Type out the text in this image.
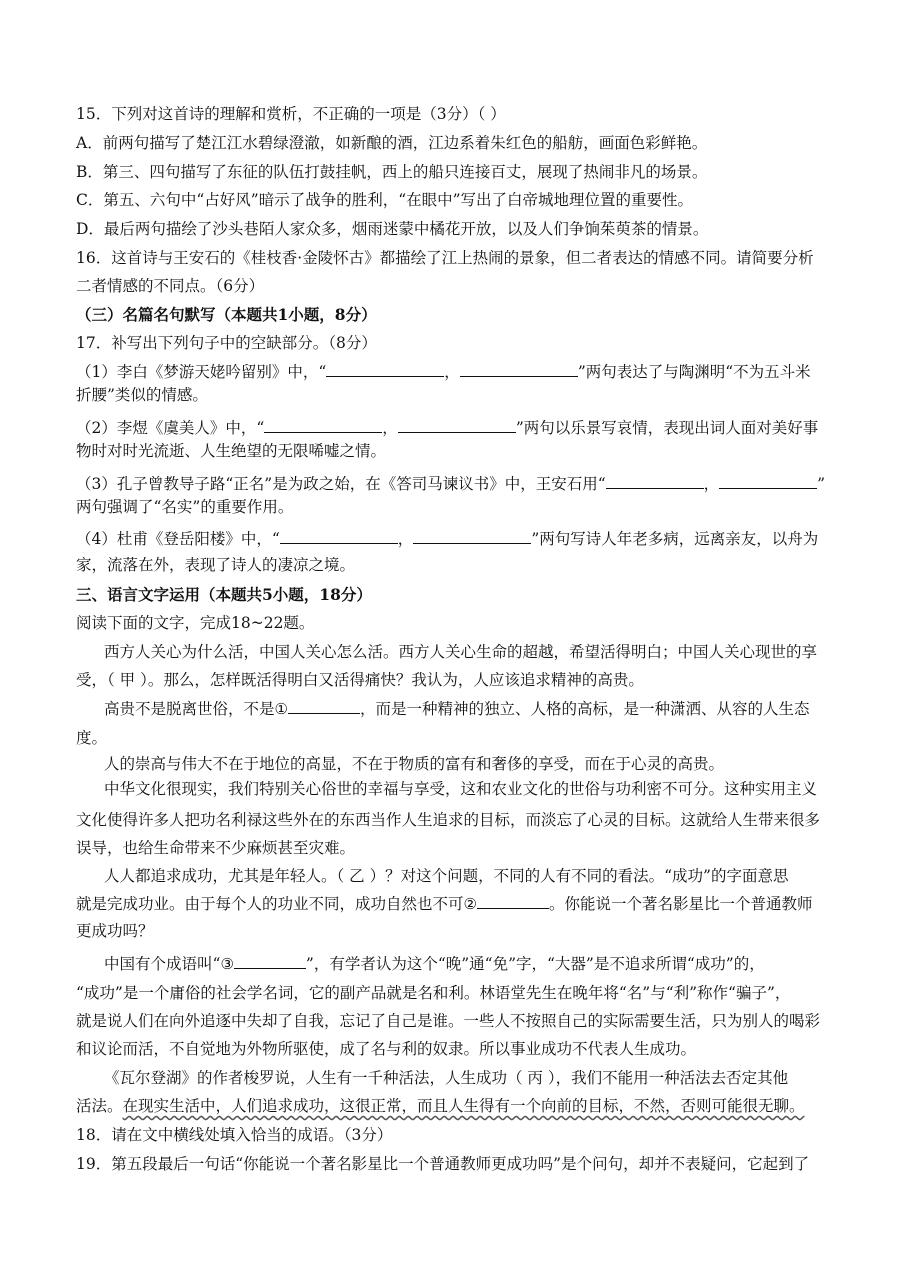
15．下列对这首诗的理解和赏析，不正确的一项是（3分）（ ）
A．前两句描写了楚江江水碧绿澄澈，如新酿的酒，江边系着朱红色的船舫，画面色彩鲜艳。
B．第三、四句描写了东征的队伍打鼓挂帆，西上的船只连接百丈，展现了热闹非凡的场景。
C．第五、六句中“占好风”暗示了战争的胜利，“在眼中”写出了白帝城地理位置的重要性。
D．最后两句描绘了沙头巷陌人家众多，烟雨迷蒙中橘花开放，以及人们争饷茱萸茶的情景。
16．这首诗与王安石的《桂枝香·金陵怀古》都描绘了江上热闹的景象，但二者表达的情感不同。请简要分析
二者情感的不同点。（6分）
（三）名篇名句默写（本题共1小题，8分）
17．补写出下列句子中的空缺部分。（8分）
（1）李白《梦游天姥吟留别》中，“	，	”两句表达了与陶渊明“不为五斗米
折腰”类似的情感。
（2）李煜《虞美人》中，“	，	”两句以乐景写哀情，表现出词人面对美好事
物时对时光流逝、人生绝望的无限唏嘘之情。
（3）孔子曾教导子路“正名”是为政之始，在《答司马谏议书》中，王安石用“	，	”
两句强调了“名实”的重要作用。
（4）杜甫《登岳阳楼》中，“	，	”两句写诗人年老多病，远离亲友，以舟为
家，流落在外，表现了诗人的凄凉之境。
三、语言文字运用（本题共5小题，18分）
阅读下面的文字，完成18~22题。
西方人关心为什么活，中国人关心怎么活。西方人关心生命的超越，希望活得明白；中国人关心现世的享
受，（ 甲 ）。那么，怎样既活得明白又活得痛快？我认为，人应该追求精神的高贵。
高贵不是脱离世俗，不是①	，而是一种精神的独立、人格的高标，是一种潇洒、从容的人生态
度。
人的崇高与伟大不在于地位的高显，不在于物质的富有和奢侈的享受，而在于心灵的高贵。
中华文化很现实，我们特别关心俗世的幸福与享受，这和农业文化的世俗与功利密不可分。这种实用主义
文化使得许多人把功名利禄这些外在的东西当作人生追求的目标，而淡忘了心灵的目标。这就给人生带来很多
误导，也给生命带来不少麻烦甚至灾难。
人人都追求成功，尤其是年轻人。（ 乙 ）？对这个问题，不同的人有不同的看法。“成功”的字面意思
就是完成功业。由于每个人的功业不同，成功自然也不可②	。你能说一个著名影星比一个普通教师
更成功吗？
中国有个成语叫“③	”，有学者认为这个“晚”通“免”字，“大器”是不追求所谓“成功”的，
“成功”是一个庸俗的社会学名词，它的副产品就是名和利。林语堂先生在晚年将“名”与“利”称作“骗子”，
就是说人们在向外追逐中失却了自我，忘记了自己是谁。一些人不按照自己的实际需要生活，只为别人的喝彩
和议论而活，不自觉地为外物所驱使，成了名与利的奴隶。所以事业成功不代表人生成功。
《瓦尔登湖》的作者梭罗说，人生有一千种活法，人生成功（ 丙 ），我们不能用一种活法去否定其他
活法。在现实生活中，人们追求成功，这很正常，而且人生得有一个向前的目标，不然，否则可能很无聊。
18．请在文中横线处填入恰当的成语。（3分）
19．第五段最后一句话“你能说一个著名影星比一个普通教师更成功吗”是个问句，却并不表疑问，它起到了
